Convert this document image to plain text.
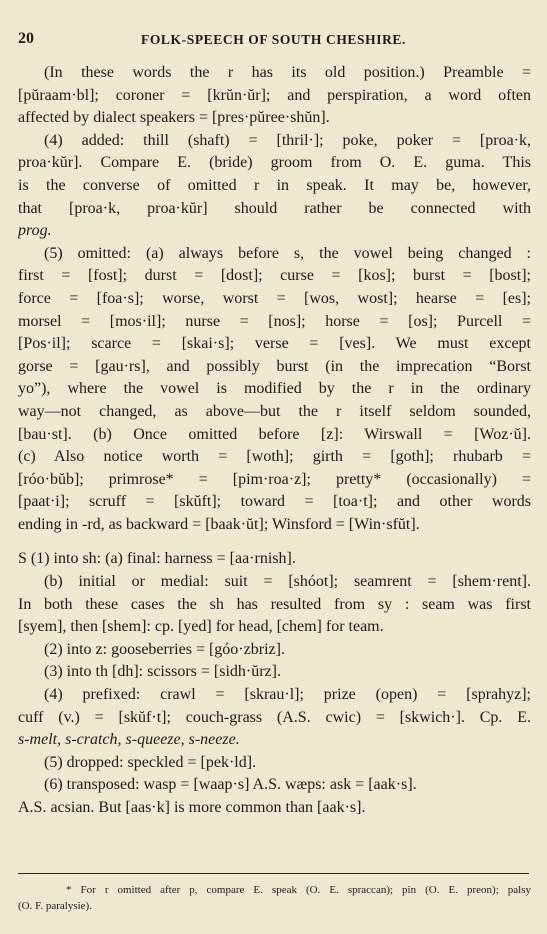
20	FOLK-SPEECH OF SOUTH CHESHIRE.
(In these words the r has its old position.) Preamble =
[pŭraam·bl]; coroner = [krŭn·ŭr]; and perspiration, a word often
affected by dialect speakers = [pres·pŭree·shŭn].
(4) added: thill (shaft) = [thril·]; poke, poker = [proa·k,
proa·kŭr]. Compare E. (bride) groom from O. E. guma. This
is the converse of omitted r in speak. It may be, however,
that [proa·k, proa·kŭr] should rather be connected with
prog.
(5) omitted: (a) always before s, the vowel being changed :
first = [fost]; durst = [dost]; curse = [kos]; burst = [bost];
force = [foa·s]; worse, worst = [wos, wost]; hearse = [es];
morsel = [mos·il]; nurse = [nos]; horse = [os]; Purcell =
[Pos·il]; scarce = [skai·s]; verse = [ves]. We must except
gorse = [gau·rs], and possibly burst (in the imprecation “Borst
yo”), where the vowel is modified by the r in the ordinary
way—not changed, as above—but the r itself seldom sounded,
[bau·st]. (b) Once omitted before [z]: Wirswall = [Woz·ŭ].
(c) Also notice worth = [woth]; girth = [goth]; rhubarb =
[róo·bŭb]; primrose* = [pim·roa·z]; pretty* (occasionally) =
[paat·i]; scruff = [skŭft]; toward = [toa·t]; and other words
ending in -rd, as backward = [baak·ŭt]; Winsford = [Win·sfŭt].
S (1) into sh: (a) final: harness = [aa·rnish].
(b) initial or medial: suit = [shóot]; seamrent = [shem·rent].
In both these cases the sh has resulted from sy : seam was first
[syem], then [shem]: cp. [yed] for head, [chem] for team.
(2) into z: gooseberries = [góo·zbriz].
(3) into th [dh]: scissors = [sidh·ŭrz].
(4) prefixed: crawl = [skrau·l]; prize (open) = [sprahyz];
cuff (v.) = [skŭf·t]; couch-grass (A.S. cwic) = [skwich·]. Cp. E.
s-melt, s-cratch, s-queeze, s-neeze.
(5) dropped: speckled = [pek·ld].
(6) transposed: wasp = [waap·s] A.S. wæps: ask = [aak·s].
A.S. acsian. But [aas·k] is more common than [aak·s].
* For r omitted after p, compare E. speak (O. E. spraccan); pin (O. E. preon); palsy
(O. F. paralysie).
